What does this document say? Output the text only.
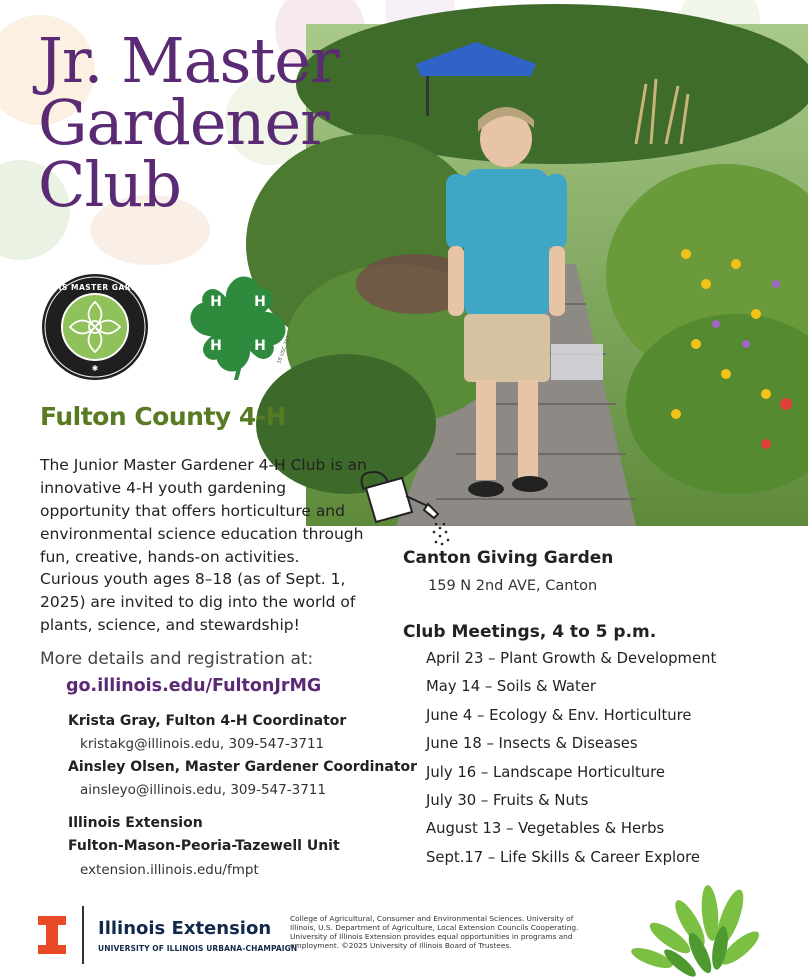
Jr. Master
Gardener
Club
ILLINOIS MASTER GARDENER
✱
H H
H H 18 USC 707
Fulton County 4-H

The Junior Master Gardener 4-H Club is an innovative 4-H youth gardening opportunity that offers horticulture and environmental science education through fun, creative, hands-on activities.

Curious youth ages 8–18 (as of Sept. 1, 2025) are invited to dig into the world of plants, science, and stewardship!

More details and registration at:
go.illinois.edu/FultonJrMG
Krista Gray, Fulton 4-H Coordinator
kristakg@illinois.edu, 309-547-3711
Ainsley Olsen, Master Gardener Coordinator
ainsleyo@illinois.edu, 309-547-3711
Illinois Extension
Fulton-Mason-Peoria-Tazewell Unit
extension.illinois.edu/fmpt
Canton Giving Garden
159 N 2nd AVE, Canton
Club Meetings, 4 to 5 p.m.
April 23 – Plant Growth & Development
May 14 – Soils & Water
June 4 – Ecology & Env. Horticulture
June 18 – Insects & Diseases
July 16 – Landscape Horticulture
July 30 – Fruits & Nuts
August 13 – Vegetables & Herbs
Sept.17 – Life Skills & Career Explore
Illinois Extension
UNIVERSITY OF ILLINOIS URBANA-CHAMPAIGN

College of Agricultural, Consumer and Environmental Sciences. University of Illinois, U.S. Department of Agriculture, Local Extension Councils Cooperating. University of Illinois Extension provides equal opportunities in programs and employment. ©2025 University of Illinois Board of Trustees.
